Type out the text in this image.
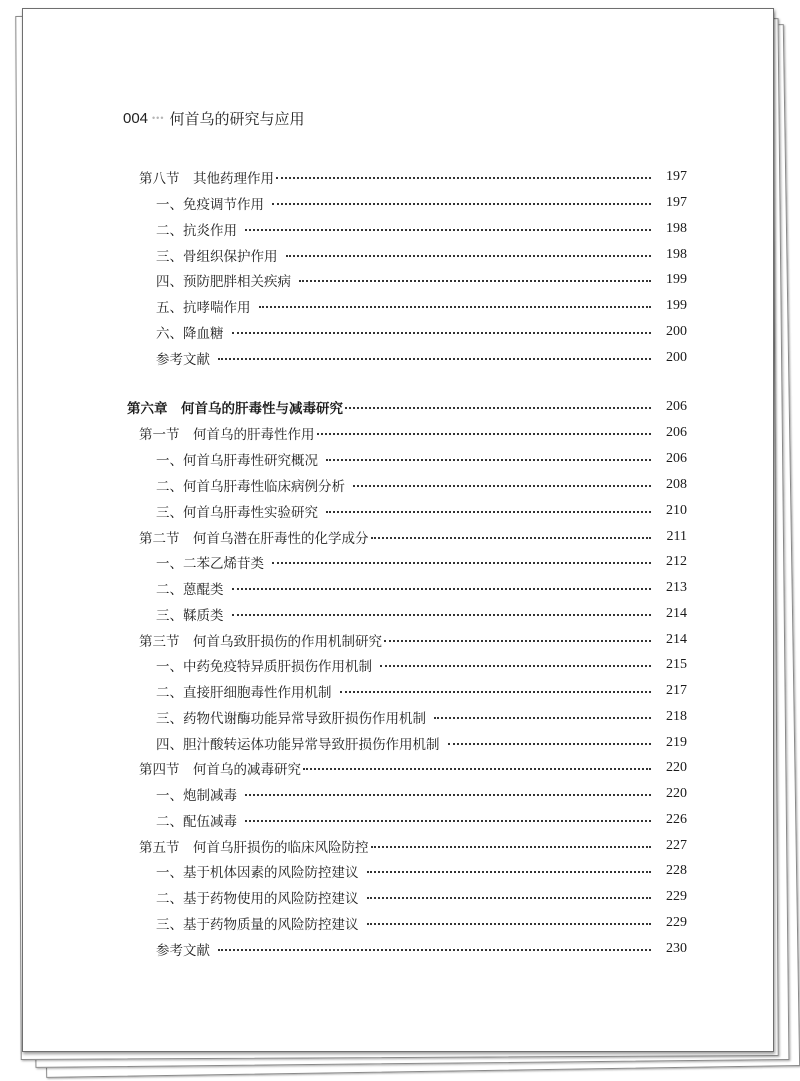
004 ••• 何首乌的研究与应用
第八节　其他药理作用	197
一、免疫调节作用	197
二、抗炎作用	198
三、骨组织保护作用	198
四、预防肥胖相关疾病	199
五、抗哮喘作用	199
六、降血糖	200
参考文献	200
第六章　何首乌的肝毒性与减毒研究	206
第一节　何首乌的肝毒性作用	206
一、何首乌肝毒性研究概况	206
二、何首乌肝毒性临床病例分析	208
三、何首乌肝毒性实验研究	210
第二节　何首乌潜在肝毒性的化学成分	211
一、二苯乙烯苷类	212
二、蒽醌类	213
三、鞣质类	214
第三节　何首乌致肝损伤的作用机制研究	214
一、中药免疫特异质肝损伤作用机制	215
二、直接肝细胞毒性作用机制	217
三、药物代谢酶功能异常导致肝损伤作用机制	218
四、胆汁酸转运体功能异常导致肝损伤作用机制	219
第四节　何首乌的减毒研究	220
一、炮制减毒	220
二、配伍减毒	226
第五节　何首乌肝损伤的临床风险防控	227
一、基于机体因素的风险防控建议	228
二、基于药物使用的风险防控建议	229
三、基于药物质量的风险防控建议	229
参考文献	230
